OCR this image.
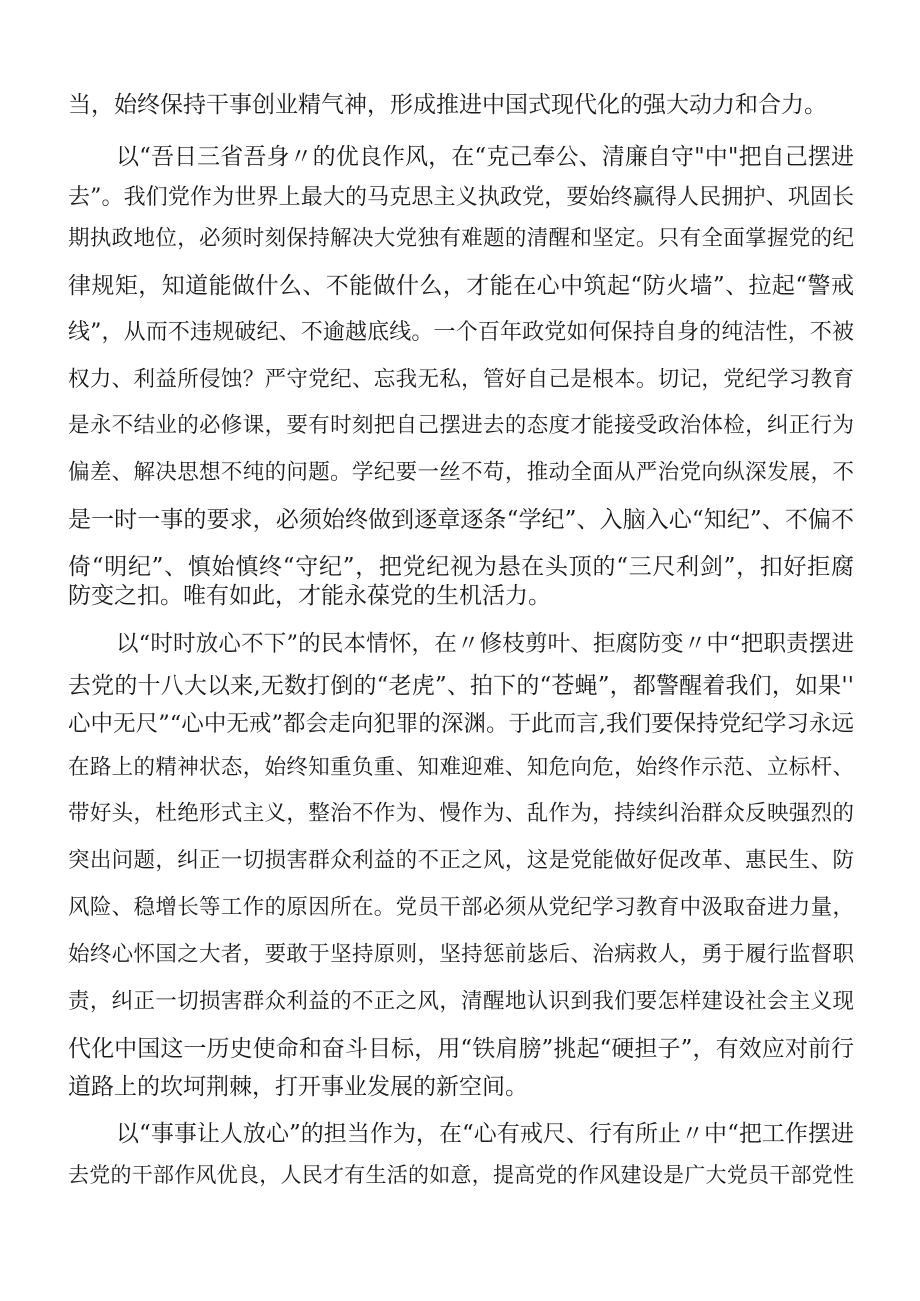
当，始终保持干事创业精气神，形成推进中国式现代化的强大动力和合力。
以“吾日三省吾身〃的优良作风，在“克己奉公、清廉自守"中"把自己摆进
去”。我们党作为世界上最大的马克思主义执政党，要始终赢得人民拥护、巩固长
期执政地位，必须时刻保持解决大党独有难题的清醒和坚定。只有全面掌握党的纪
律规矩，知道能做什么、不能做什么，才能在心中筑起“防火墙”、拉起“警戒
线”，从而不违规破纪、不逾越底线。一个百年政党如何保持自身的纯洁性，不被
权力、利益所侵蚀？严守党纪、忘我无私，管好自己是根本。切记，党纪学习教育
是永不结业的必修课，要有时刻把自己摆进去的态度才能接受政治体检，纠正行为
偏差、解决思想不纯的问题。学纪要一丝不苟，推动全面从严治党向纵深发展，不
是一时一事的要求，必须始终做到逐章逐条“学纪”、入脑入心“知纪”、不偏不
倚“明纪”、慎始慎终“守纪”，把党纪视为悬在头顶的“三尺利剑”，扣好拒腐
防变之扣。唯有如此，才能永葆党的生机活力。
以“时时放心不下”的民本情怀，在〃修枝剪叶、拒腐防变〃中“把职责摆进
去党的十八大以来,无数打倒的“老虎”、拍下的“苍蝇”，都警醒着我们，如果''
心中无尺”“心中无戒”都会走向犯罪的深渊。于此而言,我们要保持党纪学习永远
在路上的精神状态，始终知重负重、知难迎难、知危向危，始终作示范、立标杆、
带好头，杜绝形式主义，整治不作为、慢作为、乱作为，持续纠治群众反映强烈的
突出问题，纠正一切损害群众利益的不正之风，这是党能做好促改革、惠民生、防
风险、稳增长等工作的原因所在。党员干部必须从党纪学习教育中汲取奋进力量，
始终心怀国之大者，要敢于坚持原则，坚持惩前毖后、治病救人，勇于履行监督职
责，纠正一切损害群众利益的不正之风，清醒地认识到我们要怎样建设社会主义现
代化中国这一历史使命和奋斗目标，用“铁肩膀”挑起“硬担子”，有效应对前行
道路上的坎坷荆棘，打开事业发展的新空间。
以“事事让人放心”的担当作为，在“心有戒尺、行有所止〃中“把工作摆进
去党的干部作风优良，人民才有生活的如意，提高党的作风建设是广大党员干部党性
